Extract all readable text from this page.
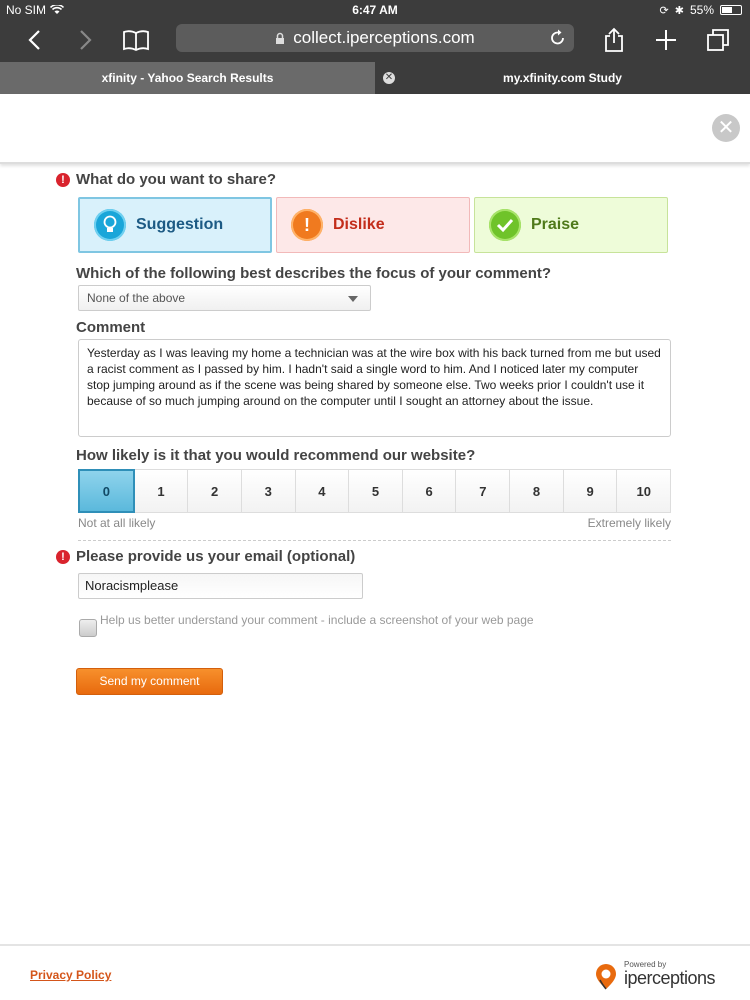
No SIM	6:47 AM	⟳ ✱ 55%
collect.iperceptions.com
xfinity - Yahoo Search Results	✕	my.xfinity.com Study
✕
! What do you want to share?
Suggestion	!	Dislike	Praise
Which of the following best describes the focus of your comment?
None of the above
Comment
Yesterday as I was leaving my home a technician was at the wire box with his back turned from me but used a racist comment as I passed by him. I hadn't said a single word to him. And I noticed later my computer stop jumping around as if the scene was being shared by someone else. Two weeks prior I couldn't use it because of so much jumping around on the computer until I sought an attorney about the issue.
How likely is it that you would recommend our website?
0	1	2	3	4	5	6	7	8	9	10
Not at all likely	Extremely likely
! Please provide us your email (optional)
Noracismplease
Help us better understand your comment - include a screenshot of your web page
Send my comment
Privacy Policy
Powered by
iperceptions
